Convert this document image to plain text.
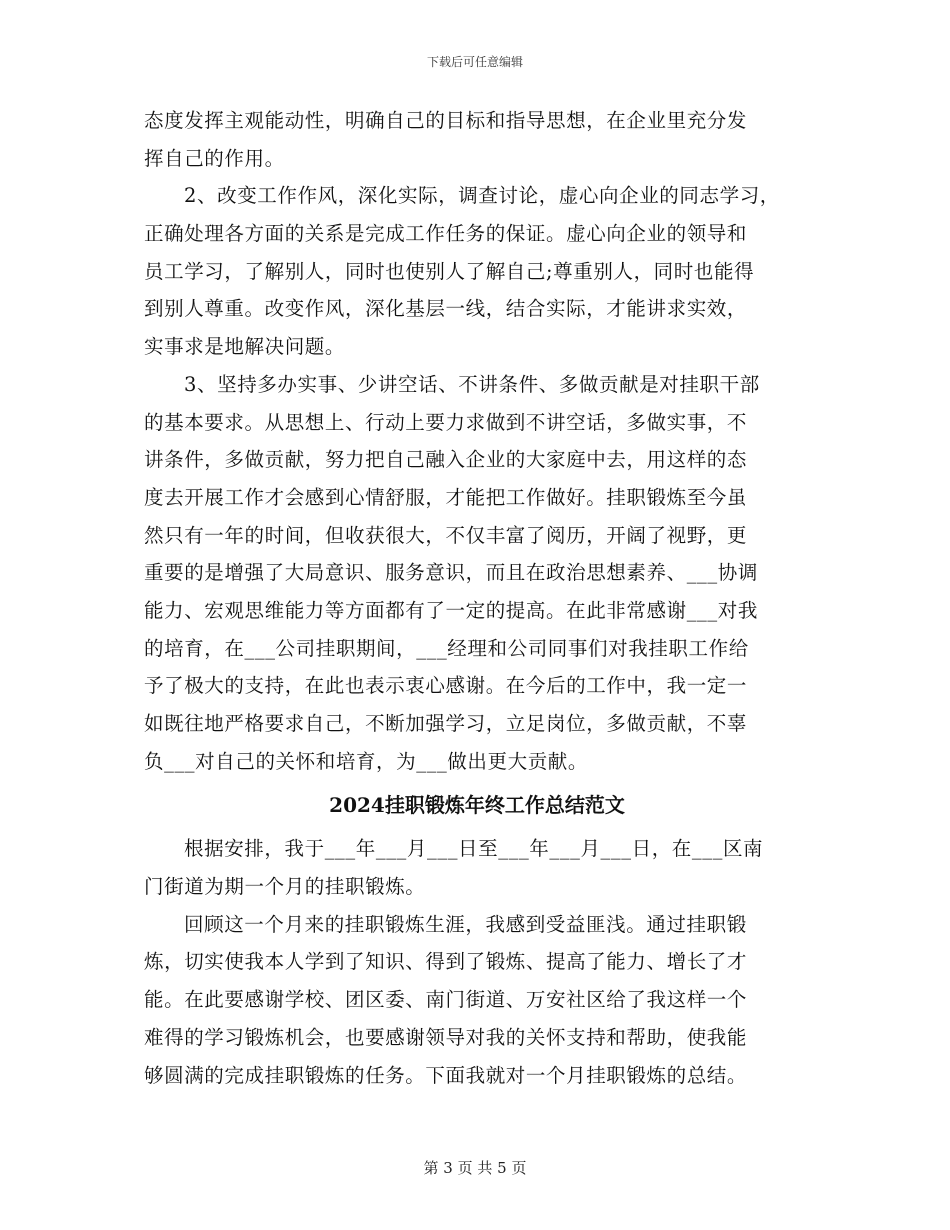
下载后可任意编辑
态度发挥主观能动性，明确自己的目标和指导思想，在企业里充分发
挥自己的作用。
2、改变工作作风，深化实际，调查讨论，虚心向企业的同志学习，
正确处理各方面的关系是完成工作任务的保证。虚心向企业的领导和
员工学习，了解别人，同时也使别人了解自己;尊重别人，同时也能得
到别人尊重。改变作风，深化基层一线，结合实际，才能讲求实效，
实事求是地解决问题。
3、坚持多办实事、少讲空话、不讲条件、多做贡献是对挂职干部
的基本要求。从思想上、行动上要力求做到不讲空话，多做实事，不
讲条件，多做贡献，努力把自己融入企业的大家庭中去，用这样的态
度去开展工作才会感到心情舒服，才能把工作做好。挂职锻炼至今虽
然只有一年的时间，但收获很大，不仅丰富了阅历，开阔了视野，更
重要的是增强了大局意识、服务意识，而且在政治思想素养、___协调
能力、宏观思维能力等方面都有了一定的提高。在此非常感谢___对我
的培育，在___公司挂职期间，___经理和公司同事们对我挂职工作给
予了极大的支持，在此也表示衷心感谢。在今后的工作中，我一定一
如既往地严格要求自己，不断加强学习，立足岗位，多做贡献，不辜
负___对自己的关怀和培育，为___做出更大贡献。
2024挂职锻炼年终工作总结范文
根据安排，我于___年___月___日至___年___月___日，在___区南
门街道为期一个月的挂职锻炼。
回顾这一个月来的挂职锻炼生涯，我感到受益匪浅。通过挂职锻
炼，切实使我本人学到了知识、得到了锻炼、提高了能力、增长了才
能。在此要感谢学校、团区委、南门街道、万安社区给了我这样一个
难得的学习锻炼机会，也要感谢领导对我的关怀支持和帮助，使我能
够圆满的完成挂职锻炼的任务。下面我就对一个月挂职锻炼的总结。
第 3 页 共 5 页
